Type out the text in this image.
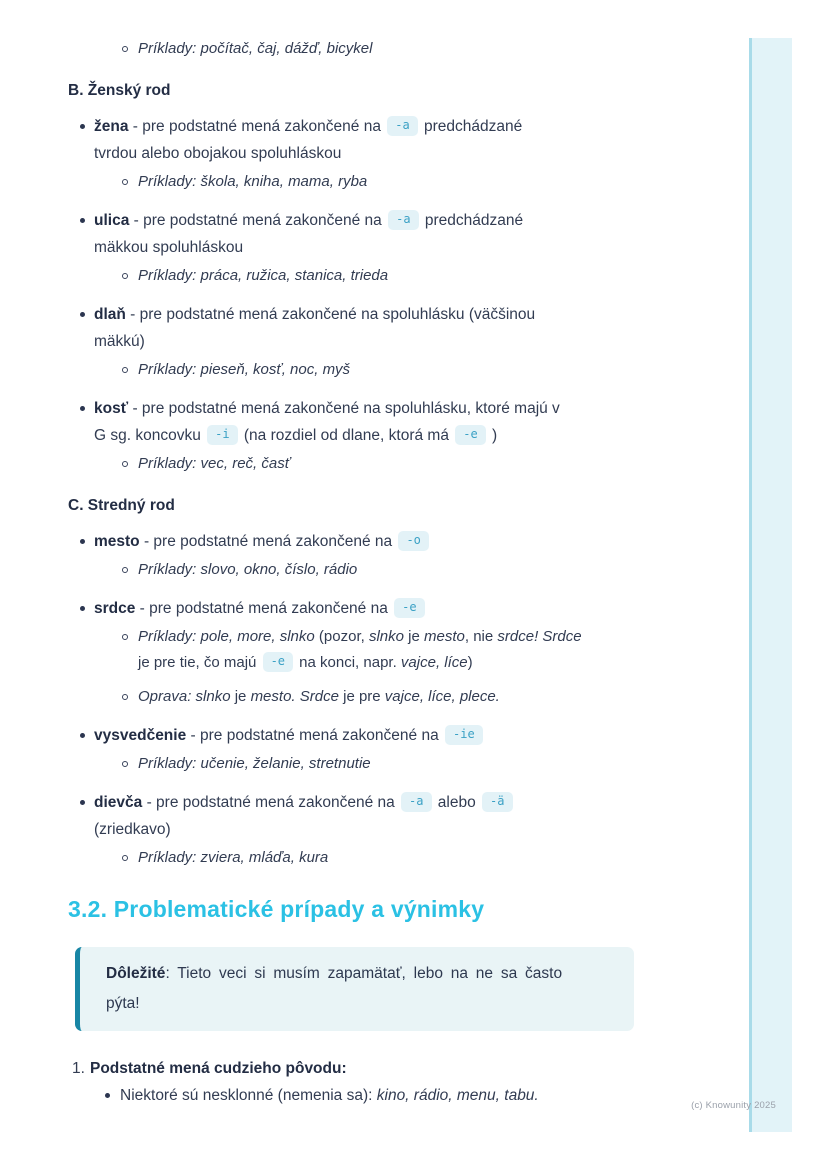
Príklady: počítač, čaj, dážď, bicykel
B. Ženský rod
žena - pre podstatné mená zakončené na -a predchádzané
tvrdou alebo obojakou spoluhláskou
Príklady: škola, kniha, mama, ryba
ulica - pre podstatné mená zakončené na -a predchádzané
mäkkou spoluhláskou
Príklady: práca, ružica, stanica, trieda
dlaň - pre podstatné mená zakončené na spoluhlásku (väčšinou
mäkkú)
Príklady: pieseň, kosť, noc, myš
kosť - pre podstatné mená zakončené na spoluhlásku, ktoré majú v
G sg. koncovku -i (na rozdiel od dlane, ktorá má -e )
Príklady: vec, reč, časť
C. Stredný rod
mesto - pre podstatné mená zakončené na -o
Príklady: slovo, okno, číslo, rádio
srdce - pre podstatné mená zakončené na -e
Príklady: pole, more, slnko (pozor, slnko je mesto, nie srdce! Srdce
je pre tie, čo majú -e na konci, napr. vajce, líce)
Oprava: slnko je mesto. Srdce je pre vajce, líce, plece.
vysvedčenie - pre podstatné mená zakončené na -ie
Príklady: učenie, želanie, stretnutie
dievča - pre podstatné mená zakončené na -a alebo -ä
(zriedkavo)
Príklady: zviera, mláďa, kura
3.2. Problematické prípady a výnimky
Dôležité: Tieto veci si musím zapamätať, lebo na ne sa často
pýta!
1. Podstatné mená cudzieho pôvodu:
Niektoré sú nesklonné (nemenia sa): kino, rádio, menu, tabu.
(c) Knowunity 2025
